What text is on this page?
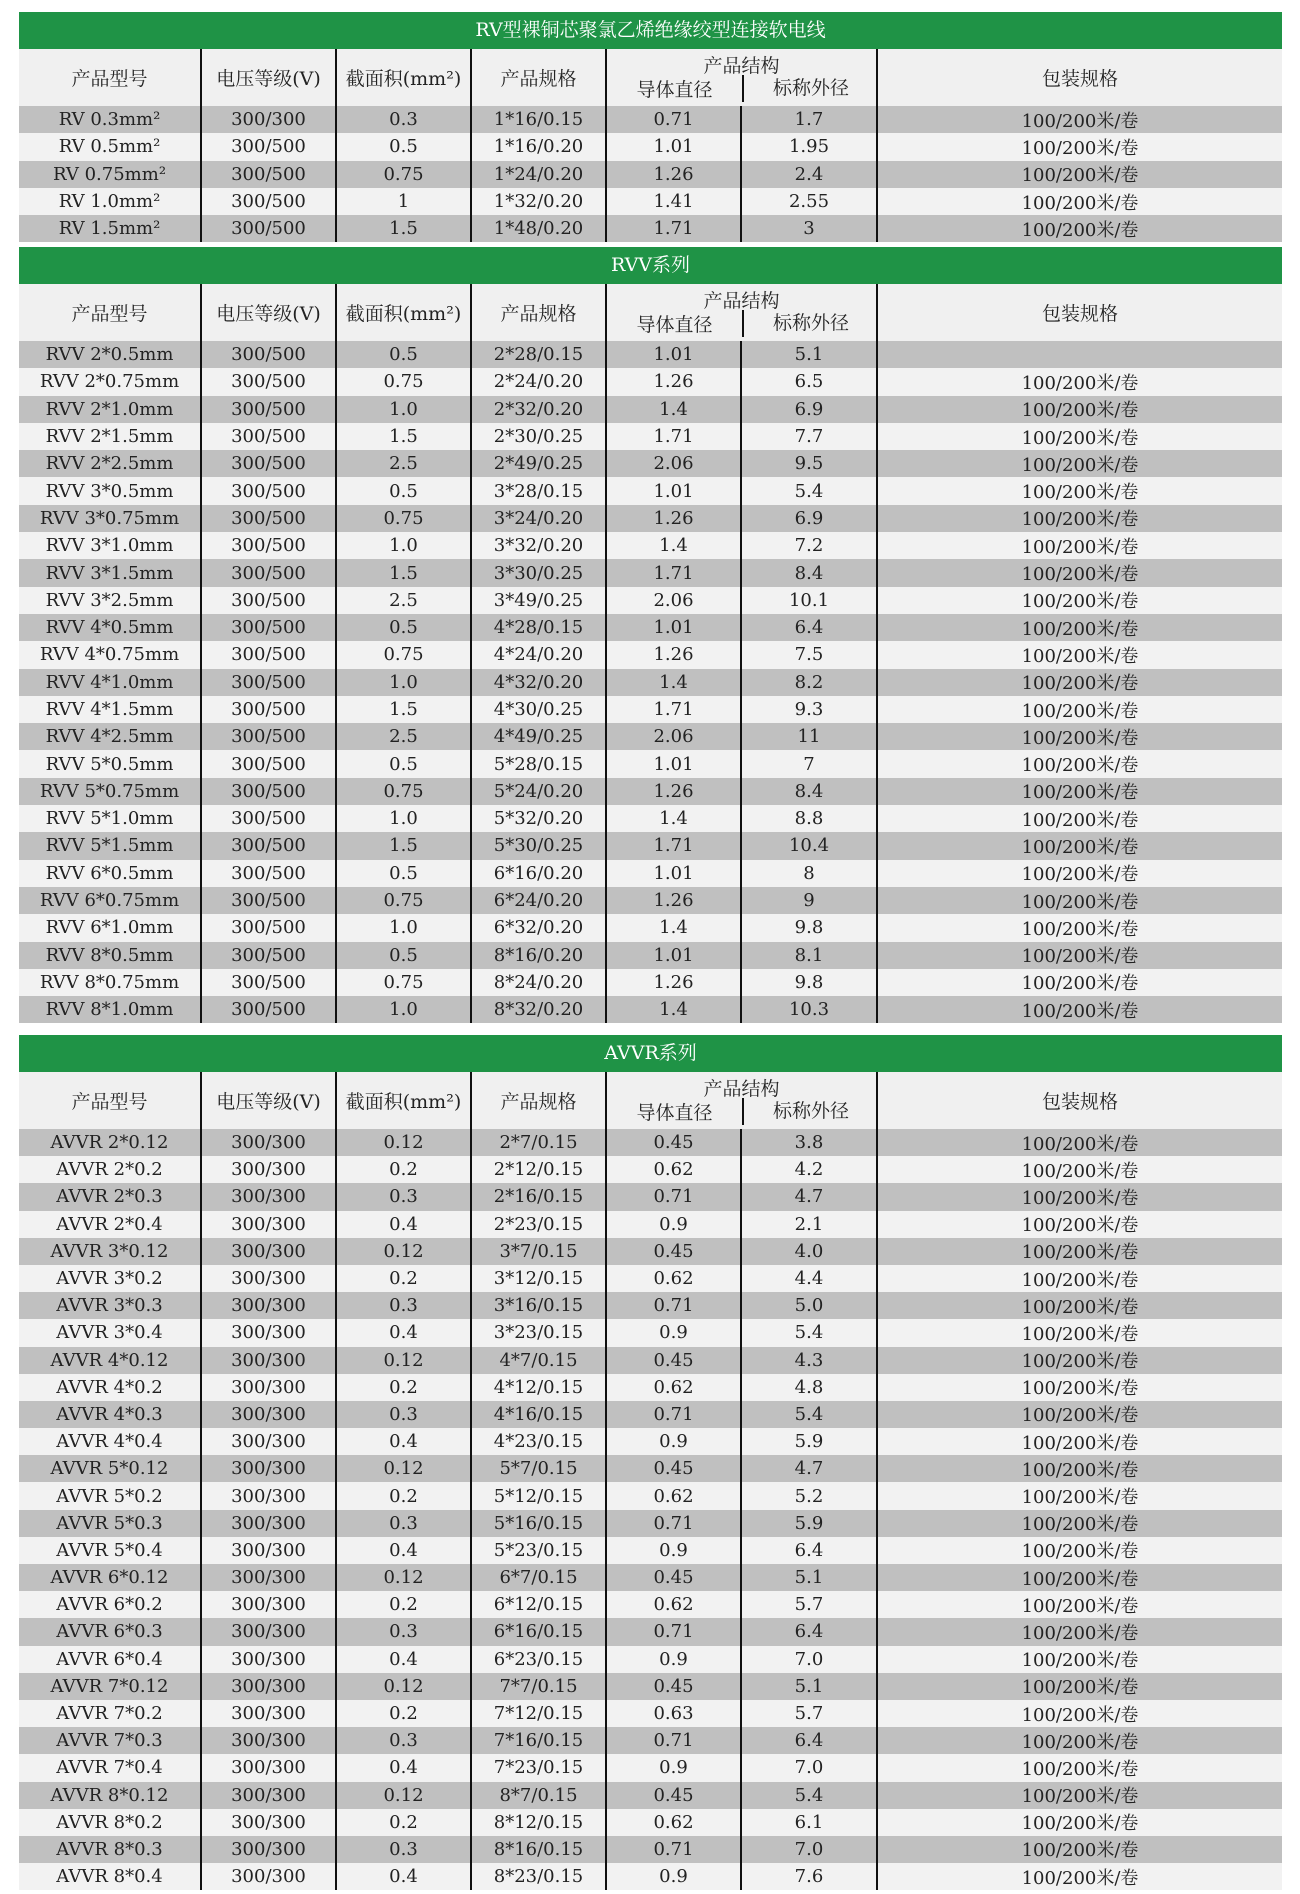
RV型裸铜芯聚氯乙烯绝缘绞型连接软电线
产品型号	电压等级(V)	截面积(mm²)	产品规格
产品结构
导体直径	标称外径	包装规格
RV 0.3mm²	300/300	0.3	1*16/0.15	0.71	1.7	100/200米/卷
RV 0.5mm²	300/500	0.5	1*16/0.20	1.01	1.95	100/200米/卷
RV 0.75mm²	300/500	0.75	1*24/0.20	1.26	2.4	100/200米/卷
RV 1.0mm²	300/500	1	1*32/0.20	1.41	2.55	100/200米/卷
RV 1.5mm²	300/500	1.5	1*48/0.20	1.71	3	100/200米/卷
RVV系列
产品型号	电压等级(V)	截面积(mm²)	产品规格
产品结构
导体直径	标称外径	包装规格
RVV 2*0.5mm	300/500	0.5	2*28/0.15	1.01	5.1
RVV 2*0.75mm	300/500	0.75	2*24/0.20	1.26	6.5	100/200米/卷
RVV 2*1.0mm	300/500	1.0	2*32/0.20	1.4	6.9	100/200米/卷
RVV 2*1.5mm	300/500	1.5	2*30/0.25	1.71	7.7	100/200米/卷
RVV 2*2.5mm	300/500	2.5	2*49/0.25	2.06	9.5	100/200米/卷
RVV 3*0.5mm	300/500	0.5	3*28/0.15	1.01	5.4	100/200米/卷
RVV 3*0.75mm	300/500	0.75	3*24/0.20	1.26	6.9	100/200米/卷
RVV 3*1.0mm	300/500	1.0	3*32/0.20	1.4	7.2	100/200米/卷
RVV 3*1.5mm	300/500	1.5	3*30/0.25	1.71	8.4	100/200米/卷
RVV 3*2.5mm	300/500	2.5	3*49/0.25	2.06	10.1	100/200米/卷
RVV 4*0.5mm	300/500	0.5	4*28/0.15	1.01	6.4	100/200米/卷
RVV 4*0.75mm	300/500	0.75	4*24/0.20	1.26	7.5	100/200米/卷
RVV 4*1.0mm	300/500	1.0	4*32/0.20	1.4	8.2	100/200米/卷
RVV 4*1.5mm	300/500	1.5	4*30/0.25	1.71	9.3	100/200米/卷
RVV 4*2.5mm	300/500	2.5	4*49/0.25	2.06	11	100/200米/卷
RVV 5*0.5mm	300/500	0.5	5*28/0.15	1.01	7	100/200米/卷
RVV 5*0.75mm	300/500	0.75	5*24/0.20	1.26	8.4	100/200米/卷
RVV 5*1.0mm	300/500	1.0	5*32/0.20	1.4	8.8	100/200米/卷
RVV 5*1.5mm	300/500	1.5	5*30/0.25	1.71	10.4	100/200米/卷
RVV 6*0.5mm	300/500	0.5	6*16/0.20	1.01	8	100/200米/卷
RVV 6*0.75mm	300/500	0.75	6*24/0.20	1.26	9	100/200米/卷
RVV 6*1.0mm	300/500	1.0	6*32/0.20	1.4	9.8	100/200米/卷
RVV 8*0.5mm	300/500	0.5	8*16/0.20	1.01	8.1	100/200米/卷
RVV 8*0.75mm	300/500	0.75	8*24/0.20	1.26	9.8	100/200米/卷
RVV 8*1.0mm	300/500	1.0	8*32/0.20	1.4	10.3	100/200米/卷
AVVR系列
产品型号	电压等级(V)	截面积(mm²)	产品规格
产品结构
导体直径	标称外径	包装规格
AVVR 2*0.12	300/300	0.12	2*7/0.15	0.45	3.8	100/200米/卷
AVVR 2*0.2	300/300	0.2	2*12/0.15	0.62	4.2	100/200米/卷
AVVR 2*0.3	300/300	0.3	2*16/0.15	0.71	4.7	100/200米/卷
AVVR 2*0.4	300/300	0.4	2*23/0.15	0.9	2.1	100/200米/卷
AVVR 3*0.12	300/300	0.12	3*7/0.15	0.45	4.0	100/200米/卷
AVVR 3*0.2	300/300	0.2	3*12/0.15	0.62	4.4	100/200米/卷
AVVR 3*0.3	300/300	0.3	3*16/0.15	0.71	5.0	100/200米/卷
AVVR 3*0.4	300/300	0.4	3*23/0.15	0.9	5.4	100/200米/卷
AVVR 4*0.12	300/300	0.12	4*7/0.15	0.45	4.3	100/200米/卷
AVVR 4*0.2	300/300	0.2	4*12/0.15	0.62	4.8	100/200米/卷
AVVR 4*0.3	300/300	0.3	4*16/0.15	0.71	5.4	100/200米/卷
AVVR 4*0.4	300/300	0.4	4*23/0.15	0.9	5.9	100/200米/卷
AVVR 5*0.12	300/300	0.12	5*7/0.15	0.45	4.7	100/200米/卷
AVVR 5*0.2	300/300	0.2	5*12/0.15	0.62	5.2	100/200米/卷
AVVR 5*0.3	300/300	0.3	5*16/0.15	0.71	5.9	100/200米/卷
AVVR 5*0.4	300/300	0.4	5*23/0.15	0.9	6.4	100/200米/卷
AVVR 6*0.12	300/300	0.12	6*7/0.15	0.45	5.1	100/200米/卷
AVVR 6*0.2	300/300	0.2	6*12/0.15	0.62	5.7	100/200米/卷
AVVR 6*0.3	300/300	0.3	6*16/0.15	0.71	6.4	100/200米/卷
AVVR 6*0.4	300/300	0.4	6*23/0.15	0.9	7.0	100/200米/卷
AVVR 7*0.12	300/300	0.12	7*7/0.15	0.45	5.1	100/200米/卷
AVVR 7*0.2	300/300	0.2	7*12/0.15	0.63	5.7	100/200米/卷
AVVR 7*0.3	300/300	0.3	7*16/0.15	0.71	6.4	100/200米/卷
AVVR 7*0.4	300/300	0.4	7*23/0.15	0.9	7.0	100/200米/卷
AVVR 8*0.12	300/300	0.12	8*7/0.15	0.45	5.4	100/200米/卷
AVVR 8*0.2	300/300	0.2	8*12/0.15	0.62	6.1	100/200米/卷
AVVR 8*0.3	300/300	0.3	8*16/0.15	0.71	7.0	100/200米/卷
AVVR 8*0.4	300/300	0.4	8*23/0.15	0.9	7.6	100/200米/卷
